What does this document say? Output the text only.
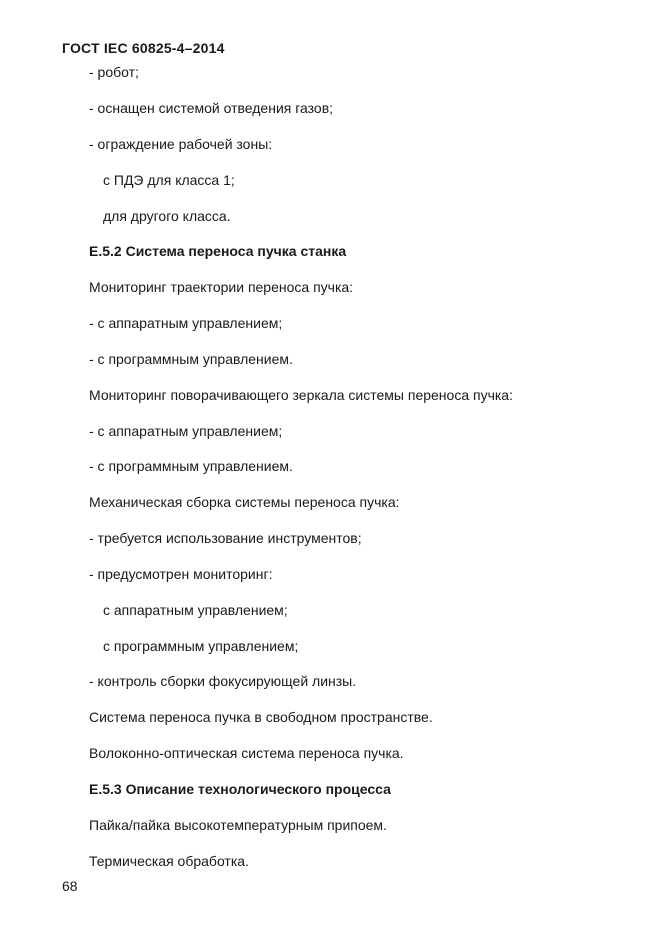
ГОСТ IEC 60825-4–2014
- робот;
- оснащен системой отведения газов;
- ограждение рабочей зоны:
с ПДЭ для класса 1;
для другого класса.
Е.5.2 Система переноса пучка станка
Мониторинг траектории переноса пучка:
- с аппаратным управлением;
- с программным управлением.
Мониторинг поворачивающего зеркала системы переноса пучка:
- с аппаратным управлением;
- с программным управлением.
Механическая сборка системы переноса пучка:
- требуется использование инструментов;
- предусмотрен мониторинг:
с аппаратным управлением;
с программным управлением;
- контроль сборки фокусирующей линзы.
Система переноса пучка в свободном пространстве.
Волоконно-оптическая система переноса пучка.
Е.5.3 Описание технологического процесса
Пайка/пайка высокотемпературным припоем.
Термическая обработка.
68
